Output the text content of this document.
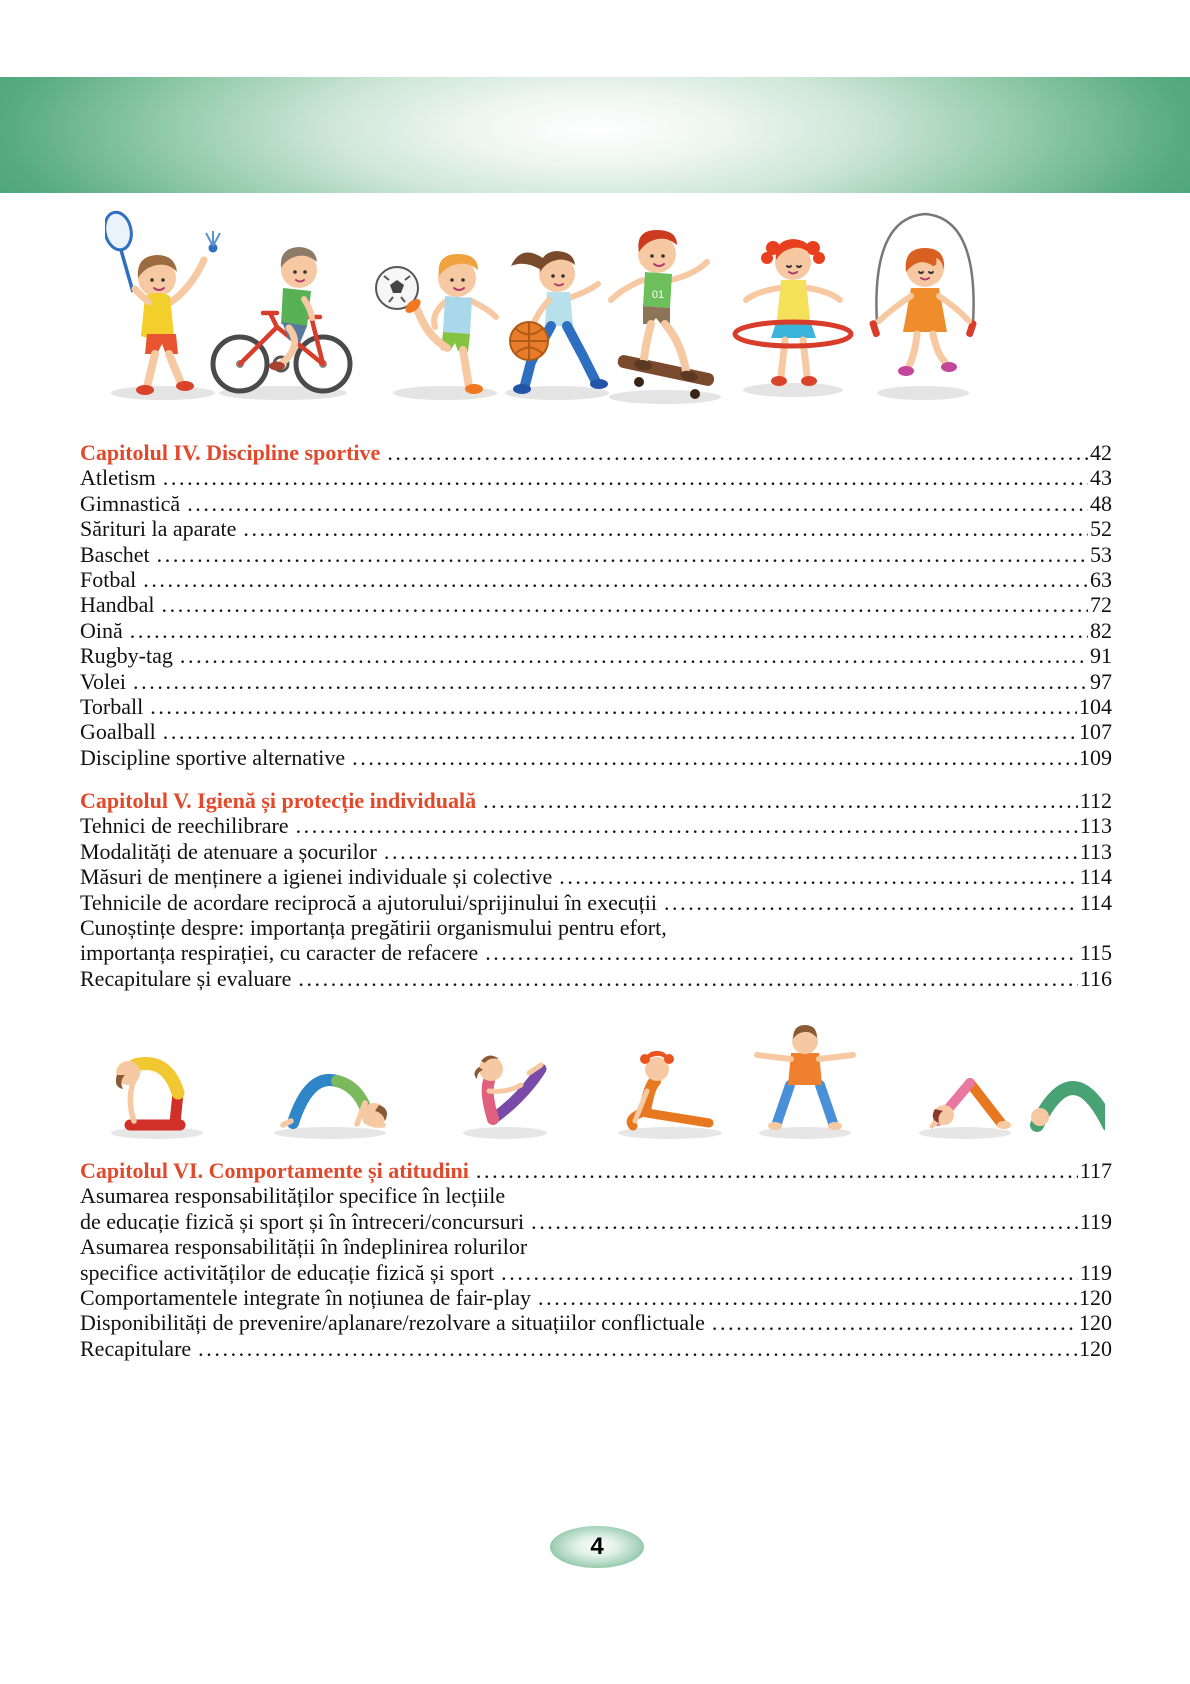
01
Capitolul IV. Discipline sportive .....	42
Atletism .....	43
Gimnastică .....	48
Sărituri la aparate .....	52
Baschet .....	53
Fotbal .....	63
Handbal .....	72
Oină .....	82
Rugby-tag .....	91
Volei .....	97
Torball .....	104
Goalball .....	107
Discipline sportive alternative .....	109
Capitolul V. Igienă și protecție individuală .....	112
Tehnici de reechilibrare .....	113
Modalități de atenuare a șocurilor .....	113
Măsuri de menținere a igienei individuale și colective .....	114
Tehnicile de acordare reciprocă a ajutorului/sprijinului în execuții .....	114
Cunoștințe despre: importanța pregătirii organismului pentru efort,
importanța respirației, cu caracter de refacere .....	115
Recapitulare și evaluare .....	116
Capitolul VI. Comportamente și atitudini .....	117
Asumarea responsabilităților specifice în lecțiile
de educație fizică și sport și în întreceri/concursuri .....	119
Asumarea responsabilității în îndeplinirea rolurilor
specifice activităților de educație fizică și sport .....	119
Comportamentele integrate în noțiunea de fair-play .....	120
Disponibilități de prevenire/aplanare/rezolvare a situațiilor conflictuale .....	120
Recapitulare .....	120
4
